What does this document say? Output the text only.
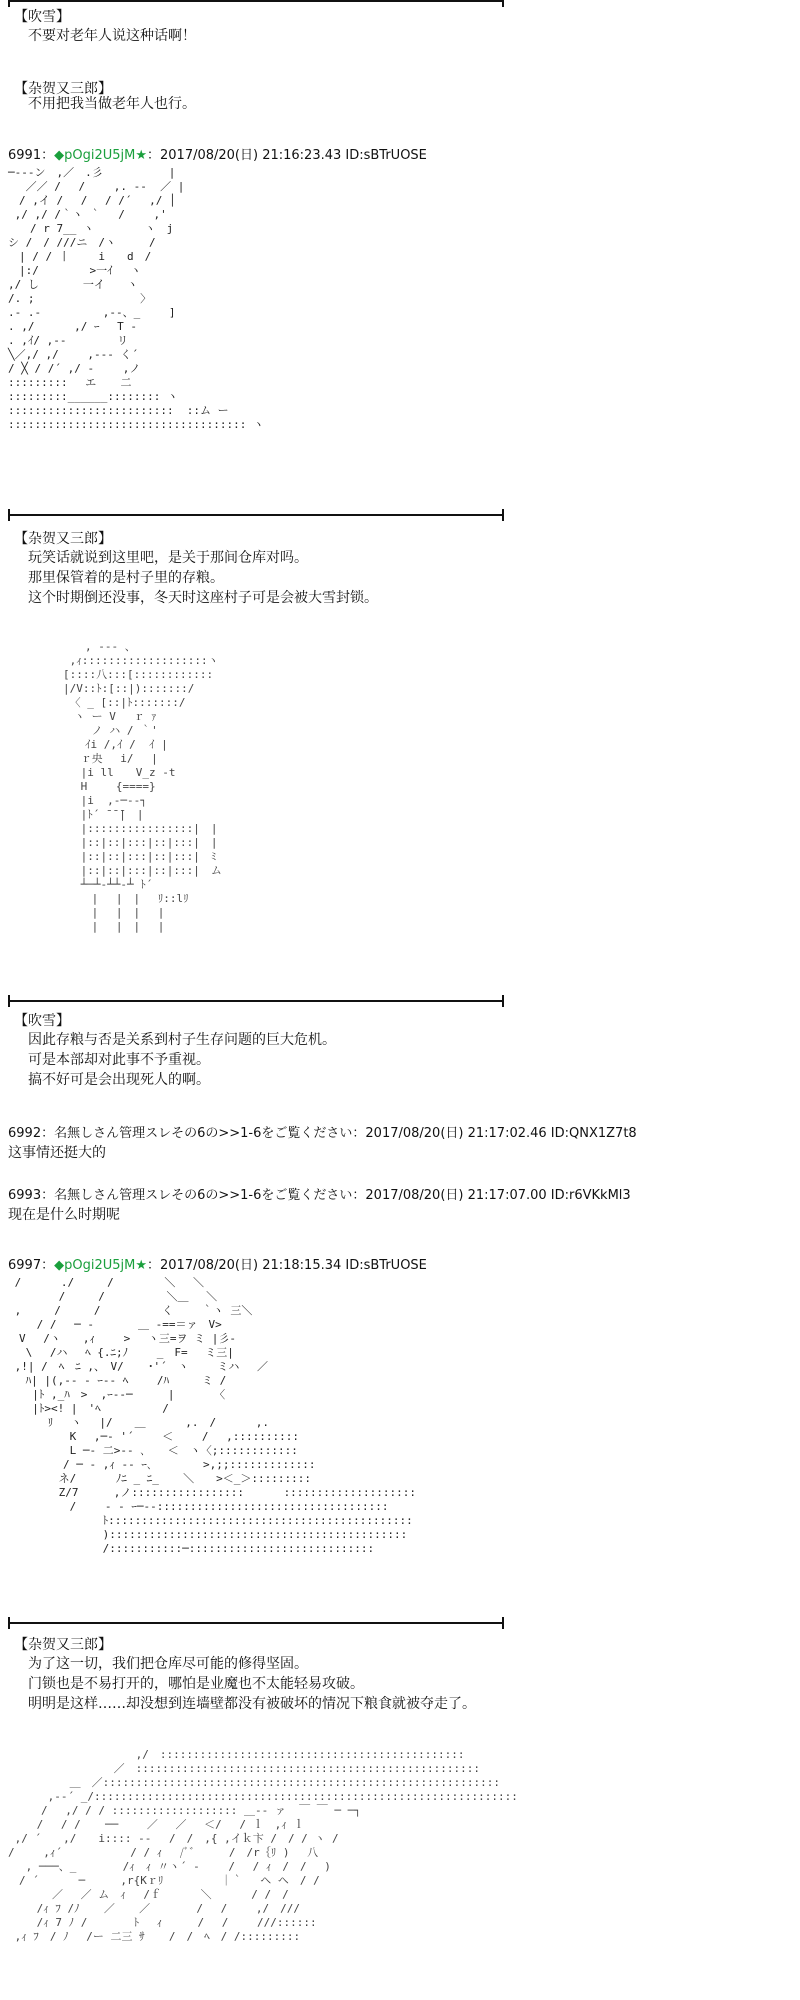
【吹雪】
不要对老年人说这种话啊！
【杂贺又三郎】
不用把我当做老年人也行。
6991：◆pOgi2U5jM★：2017/08/20(日) 21:16:23.43 ID:sBTrUOSE
─‐--ン　,／　.彡　　　　　　|
　 ／／ /　 /　　 ,. -‐  ／ |
　/ ,イ /　 /　 / /´　 ,/ │
,/ ,/ /｀ヽ ｀　 /　　 ,'
　　/ r 7__ ヽ　　　　 ヽ　j
シ /　/ ///ニ　/ヽ　　　/
　| / / 丨 　　i　　d　/
　|:/　　　　 >一ｲ　 ヽ
,/ し　　　　一イ　　ヽ
/. ;　　　　　　　　　 〉
.- .- 　　　　　,--、_　　 ]
. ,/ 　　　,/ ｰ　 T ‐
. ,ｲ/ ,-‐　　　　 リ
╲／,/ ,/　　 ,--‐ く´
/ ╳ / /´ ,/ ‐　　 ,ノ
:::::::::　 エ 　 二
:::::::::______:::::::: ヽ
:::::::::::::::::::::::::  ::ム ー
:::::::::::::::::::::::::::::::::::: ヽ
【杂贺又三郎】
玩笑话就说到这里吧，是关于那间仓库对吗。
那里保管着的是村子里的存粮。
这个时期倒还没事，冬天时这座村子可是会被大雪封锁。
　　　　　　　, ‐‐‐ 、
　　　　　 ,ｨ:::::::::::::::::::ヽ
　　　　　[::::八:::[::::::::::::
　　　　　|/V::ﾄ:[::|):::::::/
　　　　　 〈 _ [::|ﾄ:::::::/
　　　　　　ヽ ー V　 ｒ ｧ
　　　　　　　 ノ ハ / ｀'
　　　　　　　ｲi /,ｲ /  ｲ |
　　　　　　 ｒ央　 i/　 |
　　　　　　 |i ll　　V_z -t
　　　　　　 H　　 {====}
　　　　　　 |i  ,-─‐‐┐
　　　　　　 |ﾄ´ ̄ ̄ ̄|　|
　　　　　　 |::::::::::::::::|　|
　　　　　　 |::|::|:::|::|:::|　|
　　　　　　 |::|::|:::|::|:::|　ﾐ
　　　　　　 |::|::|:::|::|:::|　ム
　　　　　　 ┴─┴‐┴┴‐┴ ﾄ´
　　　　　　　 |　 |　|　 ﾘ::lﾘ
　　　　　　　 |　 |　|　 |
　　　　　　　 |　 |　|　 |
【吹雪】
因此存粮与否是关系到村子生存问题的巨大危机。
可是本部却对此事不予重视。
搞不好可是会出现死人的啊。
6992：名無しさん管理スレその6の>>1-6をご覧ください：2017/08/20(日) 21:17:02.46 ID:QNX1Z7t8
这事情还挺大的
6993：名無しさん管理スレその6の>>1-6をご覧ください：2017/08/20(日) 21:17:07.00 ID:r6VKkMl3
现在是什么时期呢
6997：◆pOgi2U5jM★：2017/08/20(日) 21:18:15.34 ID:sBTrUOSE
/　　　 ./　　　/　　　　 ＼　 ＼
　　　　 /　　　/　　　　　 ＼＿　 ＼
,　　　/　　　/　　　　　 く　　 ｀ヽ 三＼
　　 / /　 ─ ‐　　　　＿ -==＝ァ　V>
　V　 /ヽ　　,ｨ　 　>　 ヽ三=ヲ ミ |彡-
　 \ 　/ハ　 ﾍ {.ﾆ;ﾉ　　 _　F=　 ミ三|
,!| /　ﾍ　ﾆ ,、　V/ 　 ･'´　ヽ 　　ミハ 　／
　ﾊ| |(,-- ‐ ｰ‐‐ ﾍ　　 /ﾊ　　　ミ /
　 |ﾄ ,_ﾊ　>  ,ｰ‐-─　 　 |　　　 〈
　 |ﾄ><! |　'ﾍ　　　　　 /
　　　 ﾘ　 ヽ　 |/　　＿　　　 ,.　/ 　　　,.
　　　　　 K　 ,─‐ '´　　 ＜　　 /　 ,::::::::::
　　　　　 L ─‐ 二>‐‐ ､　　＜　ヽ〈;::::::::::::
　　　　　/ ─ ‐ ,ｨ -‐ ｰ､　　　　 >,;;:::::::::::::
　　　　 ネ/　　　 ﾉﾆ _ ﾆ_ 　 ＼　　>＜_＞:::::::::
　　　　 Z/7 　　 ,ノ:::::::::::::::::　　　 ::::::::::::::::::::
　　　　　 /　　 ‐ ‐ ｰ─‐-:::::::::::::::::::::::::::::::::::
　　　　　　　　 ﾄ::::::::::::::::::::::::::::::::::::::::::::::
　　　　　　　　 ):::::::::::::::::::::::::::::::::::::::::::::
　　　　　　　　 /:::::::::::─::::::::::::::::::::::::::::
【杂贺又三郎】
为了这一切，我们把仓库尽可能的修得坚固。
门锁也是不易打开的，哪怕是业魔也不太能轻易攻破。
明明是这样……却没想到连墙壁都没有被破坏的情况下粮食就被夺走了。
　　　　　　　　　　　 ,/　::::::::::::::::::::::::::::::::::::::::::::::
　　　　　　　　　 ／　::::::::::::::::::::::::::::::::::::::::::::::::::::
　　　　　 ＿　／::::::::::::::::::::::::::::::::::::::::::::::::::::::::::::
　　　 ,--´ _/::::::::::::::::::::::::::::::::::::::::::::::::::::::::::::::::
　　　/　 ,/ / / ::::::::::::::::::: ＿-‐ ァ  ￣ ￣ ─ ─┐
　　 /　 / / 　 ──　　 ／　 ／　 ＜/ 　/ ｌ　,ｨ ｌ
,/ ´　　,/　　i:::: ‐‐　 /　/　,{ ,イｋ卞 /　/ / ヽ /
/　　 ,ｨ´ 　　　　　 / / ｨ　 /ﾞ゛　　 /　/r｛ﾘ )　 八
　 , ───、_　 　　 /ｨ　ｨ 〃ヽ´ - 　　/ 　/ ｨ　/　/　 )
　/ ´　　　 ─ 　　 ,r{Kｒﾘ　 　　　 ｜｀　 ヘ ヘ　/ /
　　　　／　 ／ ム　ｨ　 /ｆ　　　 ＼ 　　　/ /　/
　　 /ｨ ﾌ /ﾉ 　 ／ 　 ／　 　　 /　 /　　 ,/　///
　　 /ｨ 7 ﾉ /　　 　 ﾄ 　ｨ　 　 /　 /　　 ///::::::
,ｨ ﾌ　/ ﾉ 　/ー 二三 ｻ 　 /　/　ﾍ　/ /:::::::::
